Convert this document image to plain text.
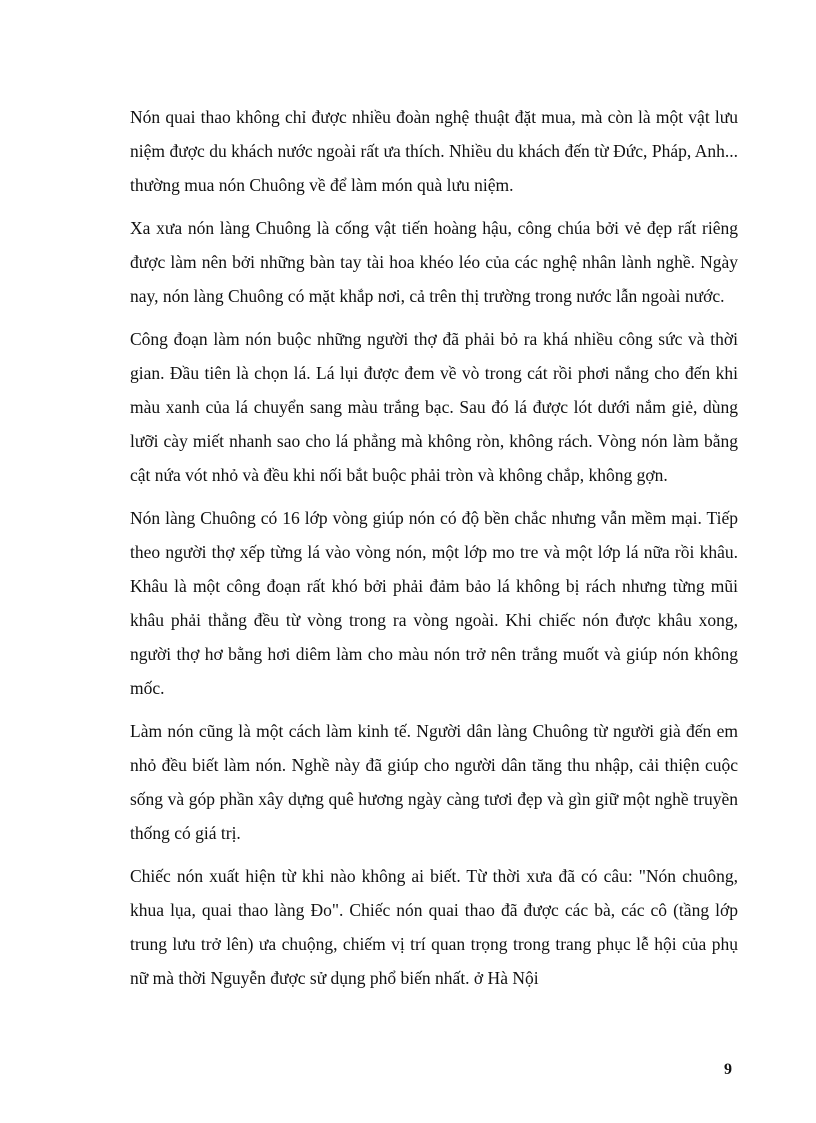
Nón quai thao không chỉ được nhiều đoàn nghệ thuật đặt mua, mà còn là một vật lưu niệm được du khách nước ngoài rất ưa thích. Nhiều du khách đến từ Đức, Pháp, Anh... thường mua nón Chuông về để làm món quà lưu niệm.

Xa xưa nón làng Chuông là cống vật tiến hoàng hậu, công chúa bởi vẻ đẹp rất riêng được làm nên bởi những bàn tay tài hoa khéo léo của các nghệ nhân lành nghề. Ngày nay, nón làng Chuông có mặt khắp nơi, cả trên thị trường trong nước lẫn ngoài nước.

Công đoạn làm nón buộc những người thợ đã phải bỏ ra khá nhiều công sức và thời gian. Đầu tiên là chọn lá. Lá lụi được đem về vò trong cát rồi phơi nắng cho đến khi màu xanh của lá chuyển sang màu trắng bạc. Sau đó lá được lót dưới nắm giẻ, dùng lưỡi cày miết nhanh sao cho lá phẳng mà không ròn, không rách. Vòng nón làm bằng cật nứa vót nhỏ và đều khi nối bắt buộc phải tròn và không chắp, không gợn.

Nón làng Chuông có 16 lớp vòng giúp nón có độ bền chắc nhưng vẫn mềm mại. Tiếp theo người thợ xếp từng lá vào vòng nón, một lớp mo tre và một lớp lá nữa rồi khâu. Khâu là một công đoạn rất khó bởi phải đảm bảo lá không bị rách nhưng từng mũi khâu phải thẳng đều từ vòng trong ra vòng ngoài. Khi chiếc nón được khâu xong, người thợ hơ bằng hơi diêm làm cho màu nón trở nên trắng muốt và giúp nón không mốc.

Làm nón cũng là một cách làm kinh tế. Người dân làng Chuông từ người già đến em nhỏ đều biết làm nón. Nghề này đã giúp cho người dân tăng thu nhập, cải thiện cuộc sống và góp phần xây dựng quê hương ngày càng tươi đẹp và gìn giữ một nghề truyền thống có giá trị.

Chiếc nón xuất hiện từ khi nào không ai biết. Từ thời xưa đã có câu: "Nón chuông, khua lụa, quai thao làng Đo". Chiếc nón quai thao đã được các bà, các cô (tầng lớp trung lưu trở lên) ưa chuộng, chiếm vị trí quan trọng trong trang phục lễ hội của phụ nữ mà thời Nguyễn được sử dụng phổ biến nhất. ở Hà Nội

9
